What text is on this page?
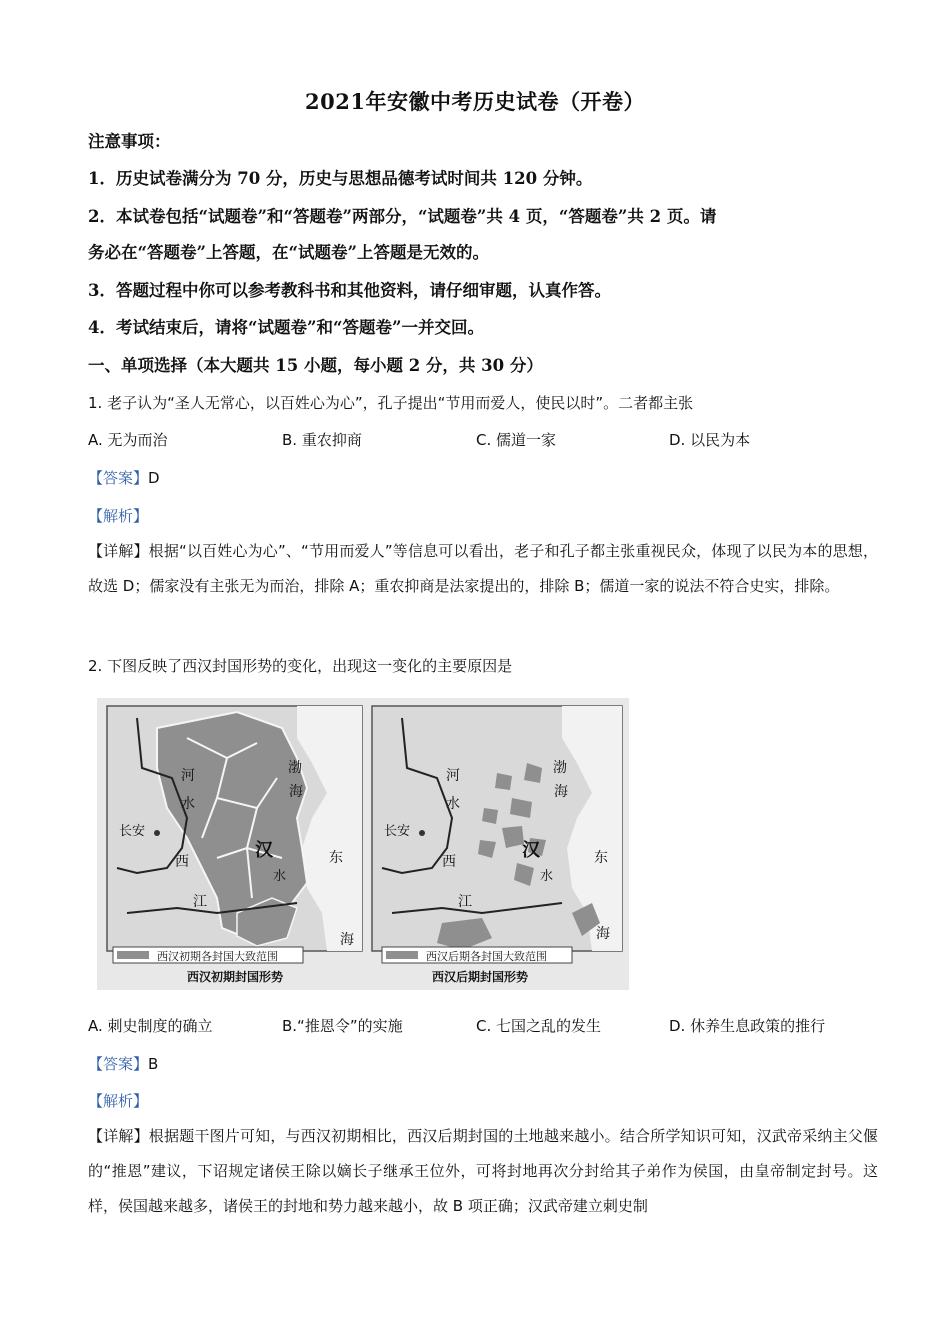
2021年安徽中考历史试卷（开卷）
注意事项：
1．历史试卷满分为 70 分，历史与思想品德考试时间共 120 分钟。
2．本试卷包括“试题卷”和“答题卷”两部分，“试题卷”共 4 页，“答题卷”共 2 页。请
务必在“答题卷”上答题，在“试题卷”上答题是无效的。
3．答题过程中你可以参考教科书和其他资料，请仔细审题，认真作答。
4．考试结束后，请将“试题卷”和“答题卷”一并交回。
一、单项选择（本大题共 15 小题，每小题 2 分，共 30 分）
1. 老子认为“圣人无常心，以百姓心为心”，孔子提出“节用而爱人，使民以时”。二者都主张
A. 无为而治	B. 重农抑商	C. 儒道一家	D. 以民为本
【答案】D
【解析】
【详解】根据“以百姓心为心”、“节用而爱人”等信息可以看出，老子和孔子都主张重视民众，体现了以民为本的思想，故选 D；儒家没有主张无为而治，排除 A；重农抑商是法家提出的，排除 B；儒道一家的说法不符合史实，排除。
2. 下图反映了西汉封国形势的变化，出现这一变化的主要原因是
河
水
长安
西
汉
水
江
渤
海
东
海
西汉初期各封国大致范围
西汉初期封国形势
河
水
长安
西
汉
水
江
渤
海
东
海
西汉后期各封国大致范围
西汉后期封国形势
A. 刺史制度的确立	B.“推恩令”的实施	C. 七国之乱的发生	D. 休养生息政策的推行
【答案】B
【解析】
【详解】根据题干图片可知，与西汉初期相比，西汉后期封国的土地越来越小。结合所学知识可知，汉武帝采纳主父偃的“推恩”建议，下诏规定诸侯王除以嫡长子继承王位外，可将封地再次分封给其子弟作为侯国，由皇帝制定封号。这样，侯国越来越多，诸侯王的封地和势力越来越小，故 B 项正确；汉武帝建立刺史制
